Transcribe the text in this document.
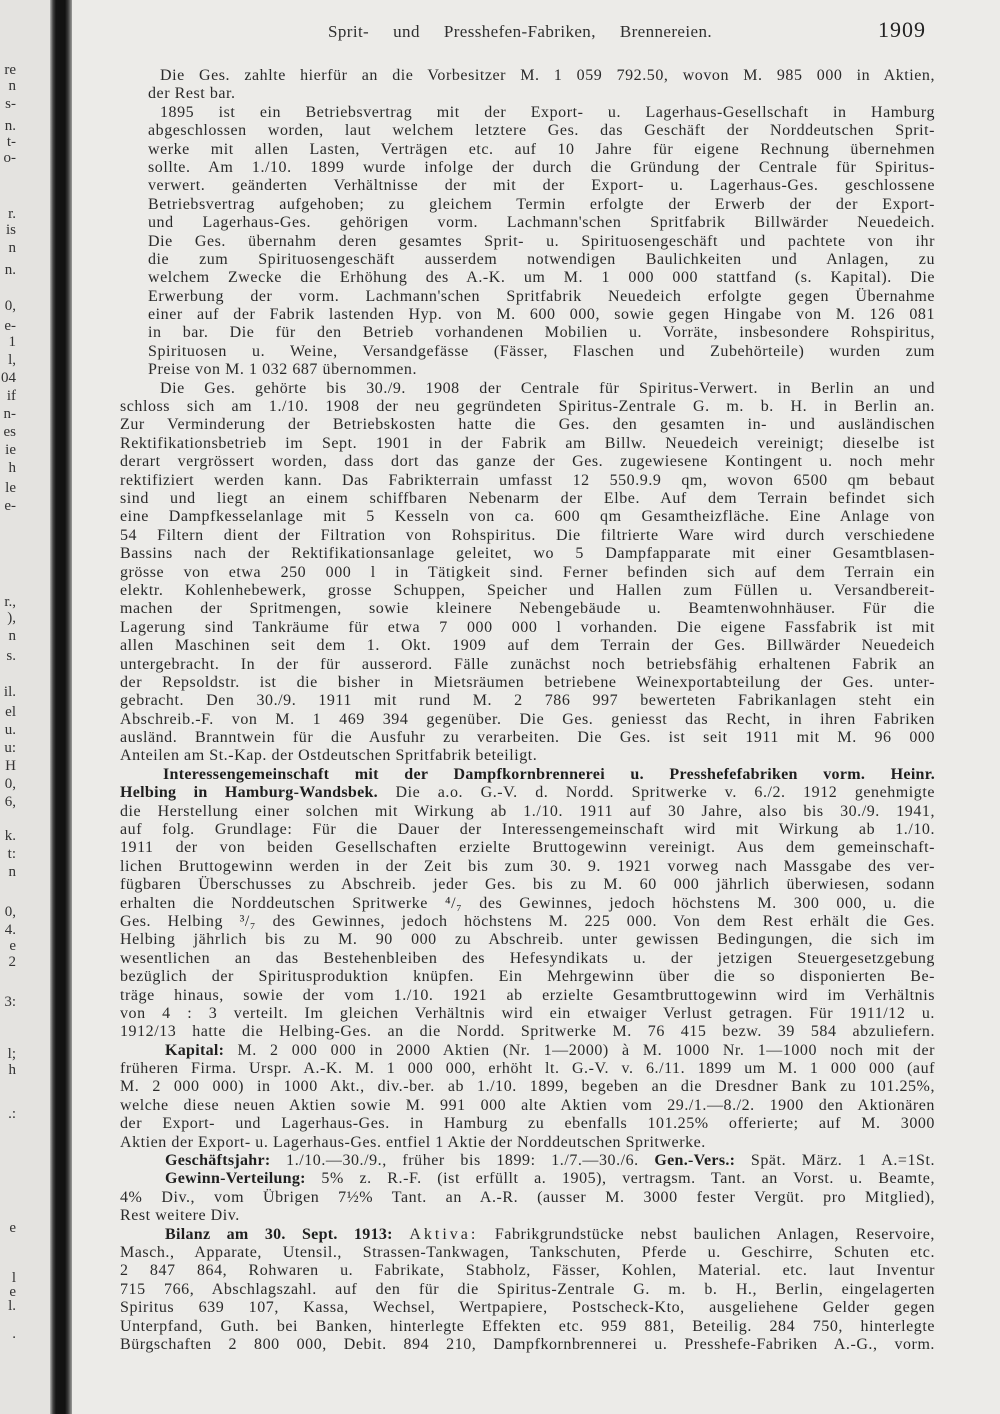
re
n
s-
n.
t-
o-
r.
is
n
n.
0,
e-
1
l,
04
if
n-
es
ie
h
le
e-
r.,
),
n
s.
il.
el
u.
u:
H
0,
6,
k.
t:
n
0,
4.
e
2
3:
l;
h
.:
e
l
e
l.
.
Sprit- und Presshefen-Fabriken, Brennereien.	1909
Die Ges. zahlte hierfür an die Vorbesitzer M. 1 059 792.50, wovon M. 985 000 in Aktien,
der Rest bar.
1895 ist ein Betriebsvertrag mit der Export- u. Lagerhaus-Gesellschaft in Hamburg
abgeschlossen worden, laut welchem letztere Ges. das Geschäft der Norddeutschen Sprit-
werke mit allen Lasten, Verträgen etc. auf 10 Jahre für eigene Rechnung übernehmen
sollte. Am 1./10. 1899 wurde infolge der durch die Gründung der Centrale für Spiritus-
verwert. geänderten Verhältnisse der mit der Export- u. Lagerhaus-Ges. geschlossene
Betriebsvertrag aufgehoben; zu gleichem Termin erfolgte der Erwerb der der Export-
und Lagerhaus-Ges. gehörigen vorm. Lachmann'schen Spritfabrik Billwärder Neuedeich.
Die Ges. übernahm deren gesamtes Sprit- u. Spirituosengeschäft und pachtete von ihr
die zum Spirituosengeschäft ausserdem notwendigen Baulichkeiten und Anlagen, zu
welchem Zwecke die Erhöhung des A.-K. um M. 1 000 000 stattfand (s. Kapital). Die
Erwerbung der vorm. Lachmann'schen Spritfabrik Neuedeich erfolgte gegen Übernahme
einer auf der Fabrik lastenden Hyp. von M. 600 000, sowie gegen Hingabe von M. 126 081
in bar. Die für den Betrieb vorhandenen Mobilien u. Vorräte, insbesondere Rohspiritus,
Spirituosen u. Weine, Versandgefässe (Fässer, Flaschen und Zubehörteile) wurden zum
Preise von M. 1 032 687 übernommen.
Die Ges. gehörte bis 30./9. 1908 der Centrale für Spiritus-Verwert. in Berlin an und
schloss sich am 1./10. 1908 der neu gegründeten Spiritus-Zentrale G. m. b. H. in Berlin an.
Zur Verminderung der Betriebskosten hatte die Ges. den gesamten in- und ausländischen
Rektifikationsbetrieb im Sept. 1901 in der Fabrik am Billw. Neuedeich vereinigt; dieselbe ist
derart vergrössert worden, dass dort das ganze der Ges. zugewiesene Kontingent u. noch mehr
rektifiziert werden kann. Das Fabrikterrain umfasst 12 550.9.9 qm, wovon 6500 qm bebaut
sind und liegt an einem schiffbaren Nebenarm der Elbe. Auf dem Terrain befindet sich
eine Dampfkesselanlage mit 5 Kesseln von ca. 600 qm Gesamtheizfläche. Eine Anlage von
54 Filtern dient der Filtration von Rohspiritus. Die filtrierte Ware wird durch verschiedene
Bassins nach der Rektifikationsanlage geleitet, wo 5 Dampfapparate mit einer Gesamtblasen-
grösse von etwa 250 000 l in Tätigkeit sind. Ferner befinden sich auf dem Terrain ein
elektr. Kohlenhebewerk, grosse Schuppen, Speicher und Hallen zum Füllen u. Versandbereit-
machen der Spritmengen, sowie kleinere Nebengebäude u. Beamtenwohnhäuser. Für die
Lagerung sind Tankräume für etwa 7 000 000 l vorhanden. Die eigene Fassfabrik ist mit
allen Maschinen seit dem 1. Okt. 1909 auf dem Terrain der Ges. Billwärder Neuedeich
untergebracht. In der für ausserord. Fälle zunächst noch betriebsfähig erhaltenen Fabrik an
der Repsoldstr. ist die bisher in Mietsräumen betriebene Weinexportabteilung der Ges. unter-
gebracht. Den 30./9. 1911 mit rund M. 2 786 997 bewerteten Fabrikanlagen steht ein
Abschreib.-F. von M. 1 469 394 gegenüber. Die Ges. geniesst das Recht, in ihren Fabriken
ausländ. Branntwein für die Ausfuhr zu verarbeiten. Die Ges. ist seit 1911 mit M. 96 000
Anteilen am St.-Kap. der Ostdeutschen Spritfabrik beteiligt.
Interessengemeinschaft mit der Dampfkornbrennerei u. Presshefefabriken vorm. Heinr.
Helbing in Hamburg-Wandsbek. Die a.o. G.-V. d. Nordd. Spritwerke v. 6./2. 1912 genehmigte
die Herstellung einer solchen mit Wirkung ab 1./10. 1911 auf 30 Jahre, also bis 30./9. 1941,
auf folg. Grundlage: Für die Dauer der Interessengemeinschaft wird mit Wirkung ab 1./10.
1911 der von beiden Gesellschaften erzielte Bruttogewinn vereinigt. Aus dem gemeinschaft-
lichen Bruttogewinn werden in der Zeit bis zum 30. 9. 1921 vorweg nach Massgabe des ver-
fügbaren Überschusses zu Abschreib. jeder Ges. bis zu M. 60 000 jährlich überwiesen, sodann
erhalten die Norddeutschen Spritwerke ⁴/₇ des Gewinnes, jedoch höchstens M. 300 000, u. die
Ges. Helbing ³/₇ des Gewinnes, jedoch höchstens M. 225 000. Von dem Rest erhält die Ges.
Helbing jährlich bis zu M. 90 000 zu Abschreib. unter gewissen Bedingungen, die sich im
wesentlichen an das Bestehenbleiben des Hefesyndikats u. der jetzigen Steuergesetzgebung
bezüglich der Spiritusproduktion knüpfen. Ein Mehrgewinn über die so disponierten Be-
träge hinaus, sowie der vom 1./10. 1921 ab erzielte Gesamtbruttogewinn wird im Verhältnis
von 4 : 3 verteilt. Im gleichen Verhältnis wird ein etwaiger Verlust getragen. Für 1911/12 u.
1912/13 hatte die Helbing-Ges. an die Nordd. Spritwerke M. 76 415 bezw. 39 584 abzuliefern.
Kapital: M. 2 000 000 in 2000 Aktien (Nr. 1—2000) à M. 1000 Nr. 1—1000 noch mit der
früheren Firma. Urspr. A.-K. M. 1 000 000, erhöht lt. G.-V. v. 6./11. 1899 um M. 1 000 000 (auf
M. 2 000 000) in 1000 Akt., div.-ber. ab 1./10. 1899, begeben an die Dresdner Bank zu 101.25%,
welche diese neuen Aktien sowie M. 991 000 alte Aktien vom 29./1.—8./2. 1900 den Aktionären
der Export- und Lagerhaus-Ges. in Hamburg zu ebenfalls 101.25% offerierte; auf M. 3000
Aktien der Export- u. Lagerhaus-Ges. entfiel 1 Aktie der Norddeutschen Spritwerke.
Geschäftsjahr: 1./10.—30./9., früher bis 1899: 1./7.—30./6. Gen.-Vers.: Spät. März. 1 A.=1St.
Gewinn-Verteilung: 5% z. R.-F. (ist erfüllt a. 1905), vertragsm. Tant. an Vorst. u. Beamte,
4% Div., vom Übrigen 7½% Tant. an A.-R. (ausser M. 3000 fester Vergüt. pro Mitglied),
Rest weitere Div.
Bilanz am 30. Sept. 1913: Aktiva: Fabrikgrundstücke nebst baulichen Anlagen, Reservoire,
Masch., Apparate, Utensil., Strassen-Tankwagen, Tankschuten, Pferde u. Geschirre, Schuten etc.
2 847 864, Rohwaren u. Fabrikate, Stabholz, Fässer, Kohlen, Material. etc. laut Inventur
715 766, Abschlagszahl. auf den für die Spiritus-Zentrale G. m. b. H., Berlin, eingelagerten
Spiritus 639 107, Kassa, Wechsel, Wertpapiere, Postscheck-Kto, ausgeliehene Gelder gegen
Unterpfand, Guth. bei Banken, hinterlegte Effekten etc. 959 881, Beteilig. 284 750, hinterlegte
Bürgschaften 2 800 000, Debit. 894 210, Dampfkornbrennerei u. Presshefe-Fabriken A.-G., vorm.
